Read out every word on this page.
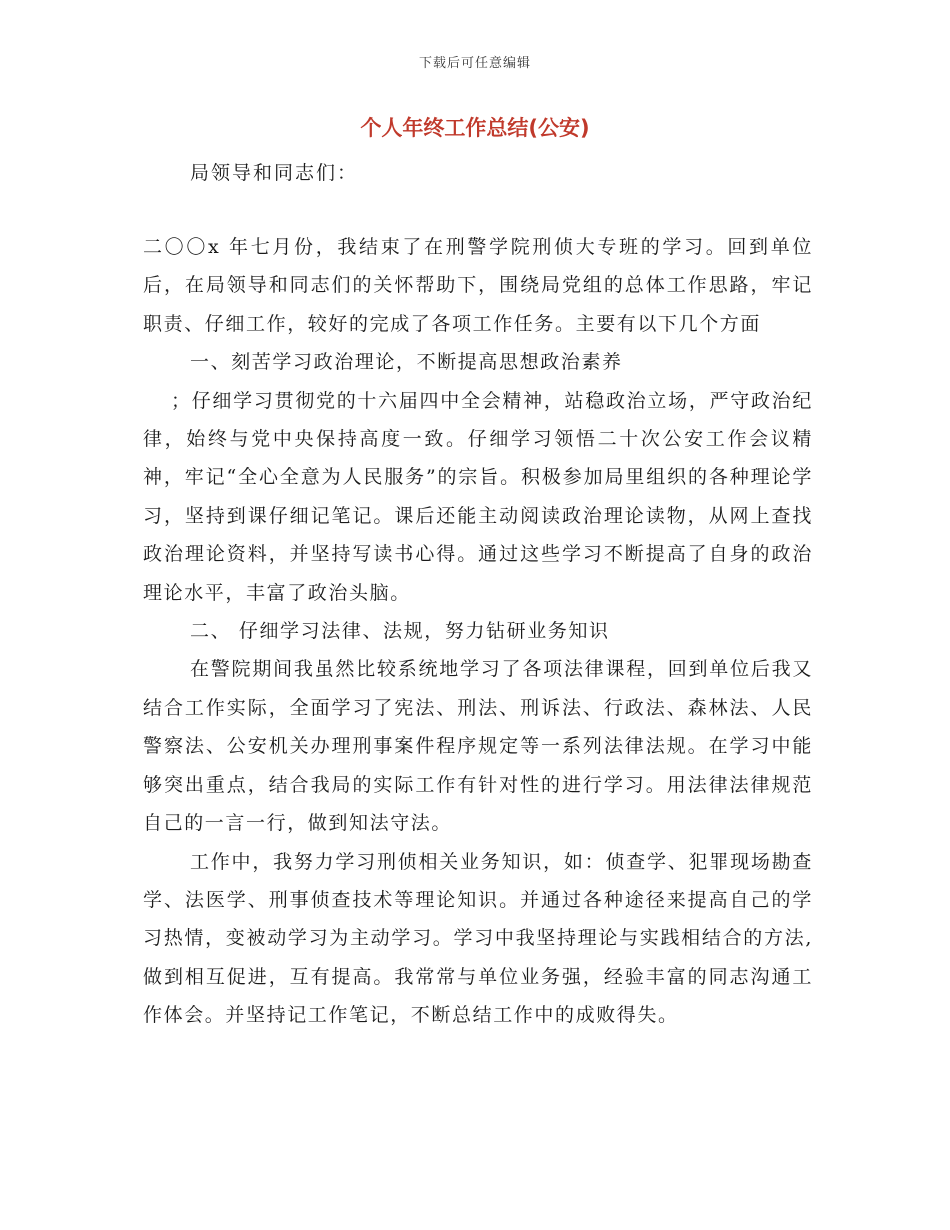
下载后可任意编辑
个人年终工作总结(公安)
局领导和同志们：

二〇〇x 年七月份，我结束了在刑警学院刑侦大专班的学习。回到单位后，在局领导和同志们的关怀帮助下，围绕局党组的总体工作思路，牢记职责、仔细工作，较好的完成了各项工作任务。主要有以下几个方面

一、刻苦学习政治理论，不断提高思想政治素养

；仔细学习贯彻党的十六届四中全会精神，站稳政治立场，严守政治纪律，始终与党中央保持高度一致。仔细学习领悟二十次公安工作会议精神，牢记“全心全意为人民服务”的宗旨。积极参加局里组织的各种理论学习，坚持到课仔细记笔记。课后还能主动阅读政治理论读物，从网上查找政治理论资料，并坚持写读书心得。通过这些学习不断提高了自身的政治理论水平，丰富了政治头脑。

二、 仔细学习法律、法规，努力钻研业务知识

在警院期间我虽然比较系统地学习了各项法律课程，回到单位后我又结合工作实际，全面学习了宪法、刑法、刑诉法、行政法、森林法、人民警察法、公安机关办理刑事案件程序规定等一系列法律法规。在学习中能够突出重点，结合我局的实际工作有针对性的进行学习。用法律法律规范自己的一言一行，做到知法守法。

工作中，我努力学习刑侦相关业务知识，如：侦查学、犯罪现场勘查学、法医学、刑事侦查技术等理论知识。并通过各种途径来提高自己的学习热情，变被动学习为主动学习。学习中我坚持理论与实践相结合的方法,做到相互促进，互有提高。我常常与单位业务强，经验丰富的同志沟通工作体会。并坚持记工作笔记，不断总结工作中的成败得失。
